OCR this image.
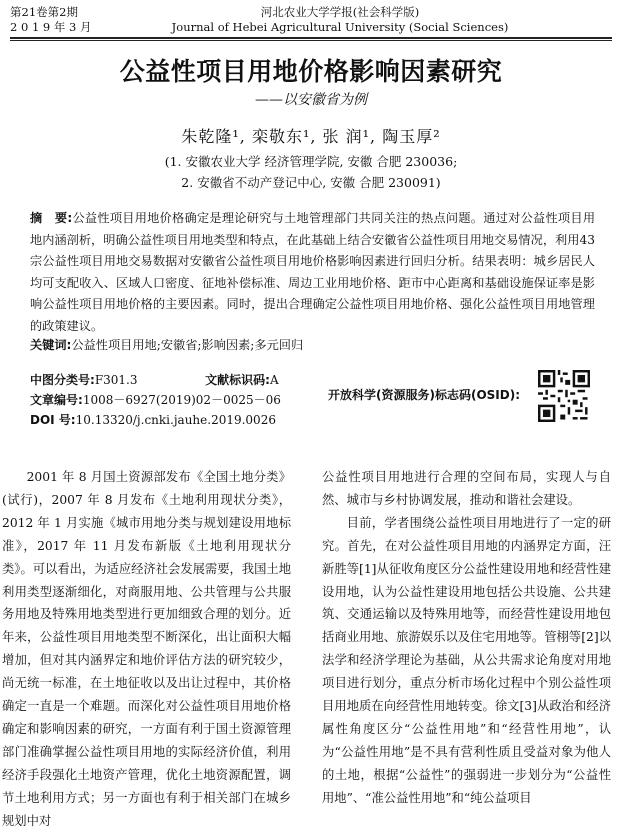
第21卷第2期
2 0 1 9 年 3 月
河北农业大学学报(社会科学版)
Journal of Hebei Agricultural University (Social Sciences)
公益性项目用地价格影响因素研究
——以安徽省为例
朱乾隆¹, 栾敬东¹, 张 润¹, 陶玉厚²
(1. 安徽农业大学 经济管理学院, 安徽 合肥 230036;
2. 安徽省不动产登记中心, 安徽 合肥 230091)
摘　要:公益性项目用地价格确定是理论研究与土地管理部门共同关注的热点问题。通过对公益性项目用地内涵剖析，明确公益性项目用地类型和特点，在此基础上结合安徽省公益性项目用地交易情况，利用43宗公益性项目用地交易数据对安徽省公益性项目用地价格影响因素进行回归分析。结果表明：城乡居民人均可支配收入、区域人口密度、征地补偿标准、周边工业用地价格、距市中心距离和基础设施保证率是影响公益性项目用地价格的主要因素。同时，提出合理确定公益性项目用地价格、强化公益性项目用地管理的政策建议。
关键词:公益性项目用地;安徽省;影响因素;多元回归
中图分类号:F301.3	文献标识码:A
文章编号:1008－6927(2019)02－0025－06
DOI 号:10.13320/j.cnki.jauhe.2019.0026
开放科学(资源服务)标志码(OSID):

2001 年 8 月国土资源部发布《全国土地分类》(试行)，2007 年 8 月发布《土地利用现状分类》，2012 年 1 月实施《城市用地分类与规划建设用地标准》，2017 年 11 月发布新版《土地利用现状分类》。可以看出，为适应经济社会发展需要，我国土地利用类型逐渐细化，对商服用地、公共管理与公共服务用地及特殊用地类型进行更加细致合理的划分。近年来，公益性项目用地类型不断深化，出让面积大幅增加，但对其内涵界定和地价评估方法的研究较少，尚无统一标准，在土地征收以及出让过程中，其价格确定一直是一个难题。而深化对公益性项目用地价格确定和影响因素的研究，一方面有利于国土资源管理部门准确掌握公益性项目用地的实际经济价值，利用经济手段强化土地资产管理，优化土地资源配置，调节土地利用方式；另一方面也有利于相关部门在城乡规划中对

公益性项目用地进行合理的空间布局，实现人与自然、城市与乡村协调发展，推动和谐社会建设。

目前，学者围绕公益性项目用地进行了一定的研究。首先，在对公益性项目用地的内涵界定方面，汪新胜等[1]从征收角度区分公益性建设用地和经营性建设用地，认为公益性建设用地包括公共设施、公共建筑、交通运输以及特殊用地等，而经营性建设用地包括商业用地、旅游娱乐以及住宅用地等。管栩等[2]以法学和经济学理论为基础，从公共需求论角度对用地项目进行划分，重点分析市场化过程中个别公益性项目用地质在向经营性用地转变。徐文[3]从政治和经济属性角度区分“公益性用地”和“经营性用地”，认为“公益性用地”是不具有营利性质且受益对象为他人的土地，根据“公益性”的强弱进一步划分为“公益性用地”、“准公益性用地”和“纯公益项目
